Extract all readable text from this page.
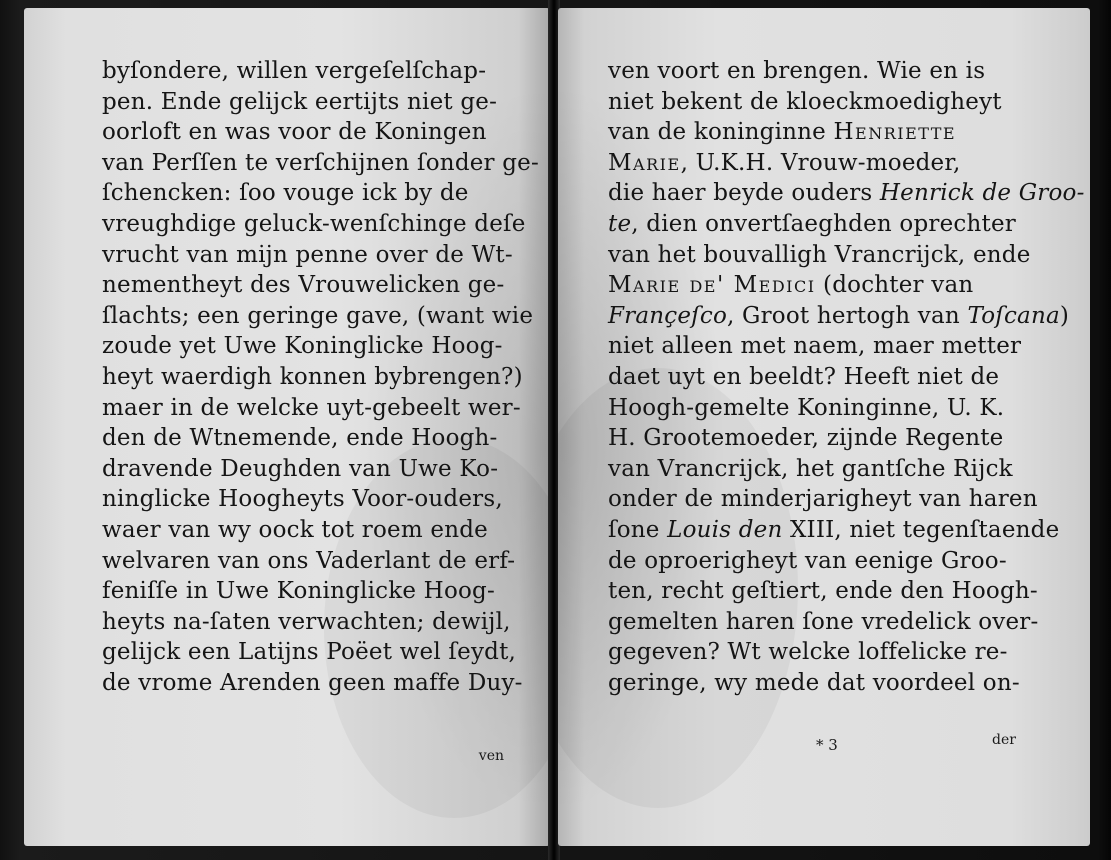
byſondere, willen vergeſelſchap-
pen. Ende gelijck eertijts niet ge-
oorloft en was voor de Koningen
van Perſſen te verſchijnen ſonder ge-
ſchencken: ſoo vouge ick by de
vreughdige geluck-wenſchinge deſe
vrucht van mijn penne over de Wt-
nementheyt des Vrouwelicken ge-
ſlachts; een geringe gave, (want wie
zoude yet Uwe Koninglicke Hoog-
heyt waerdigh konnen bybrengen?)
maer in de welcke uyt-gebeelt wer-
den de Wtnemende, ende Hoogh-
dravende Deughden van Uwe Ko-
ninglicke Hoogheyts Voor-ouders,
waer van wy oock tot roem ende
welvaren van ons Vaderlant de erf-
feniſſe in Uwe Koninglicke Hoog-
heyts na-ſaten verwachten; dewijl,
gelijck een Latijns Poëet wel ſeydt,
de vrome Arenden geen maffe Duy-
ven
ven voort en brengen. Wie en is
niet bekent de kloeckmoedigheyt
van de koninginne Henriette
Marie, U.K.H. Vrouw-moeder,
die haer beyde ouders Henrick de Groo-
te, dien onvertſaeghden oprechter
van het bouvalligh Vrancrijck, ende
Marie de' Medici (dochter van
Françeſco, Groot hertogh van Toſcana)
niet alleen met naem, maer metter
daet uyt en beeldt? Heeft niet de
Hoogh-gemelte Koninginne, U. K.
H. Grootemoeder, zijnde Regente
van Vrancrijck, het gantſche Rijck
onder de minderjarigheyt van haren
ſone Louis den XIII, niet tegenſtaende
de oproerigheyt van eenige Groo-
ten, recht geſtiert, ende den Hoogh-
gemelten haren ſone vredelick over-
gegeven? Wt welcke loffelicke re-
geringe, wy mede dat voordeel on-
* 3	der
